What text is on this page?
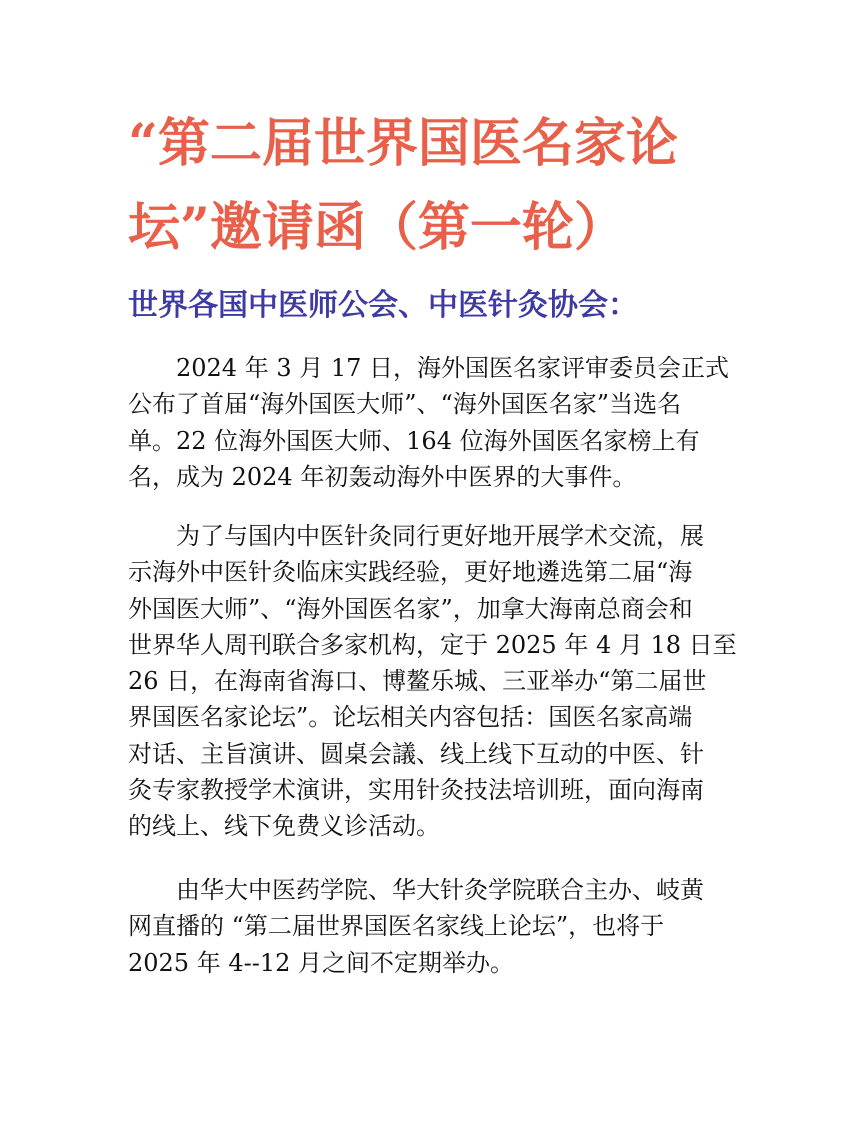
“第二届世界国医名家论
坛”邀请函（第一轮）
世界各国中医师公会、中医针灸协会：
　　2024 年 3 月 17 日，海外国医名家评审委员会正式
公布了首届“海外国医大师”、“海外国医名家”当选名
单。22 位海外国医大师、164 位海外国医名家榜上有
名，成为 2024 年初轰动海外中医界的大事件。
　　为了与国内中医针灸同行更好地开展学术交流，展
示海外中医针灸临床实践经验，更好地遴选第二届“海
外国医大师”、“海外国医名家”，加拿大海南总商会和
世界华人周刊联合多家机构，定于 2025 年 4 月 18 日至
26 日，在海南省海口、博鳌乐城、三亚举办“第二届世
界国医名家论坛”。论坛相关内容包括：国医名家高端
对话、主旨演讲、圆桌会議、线上线下互动的中医、针
灸专家教授学术演讲，实用针灸技法培训班，面向海南
的线上、线下免费义诊活动。
　　由华大中医药学院、华大针灸学院联合主办、岐黄
网直播的 “第二届世界国医名家线上论坛”，也将于
2025 年 4--12 月之间不定期举办。
